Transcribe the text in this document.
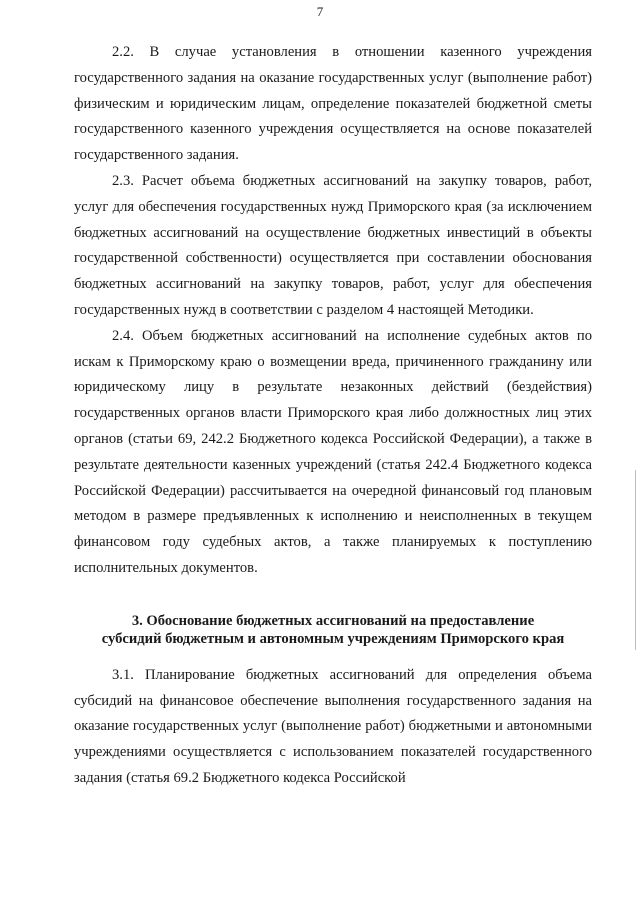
7

2.2. В случае установления в отношении казенного учреждения государственного задания на оказание государственных услуг (выполнение работ) физическим и юридическим лицам, определение показателей бюджетной сметы государственного казенного учреждения осуществляется на основе показателей государственного задания.

2.3. Расчет объема бюджетных ассигнований на закупку товаров, работ, услуг для обеспечения государственных нужд Приморского края (за исключением бюджетных ассигнований на осуществление бюджетных инвестиций в объекты государственной собственности) осуществляется при составлении обоснования бюджетных ассигнований на закупку товаров, работ, услуг для обеспечения государственных нужд в соответствии с разделом 4 настоящей Методики.

2.4. Объем бюджетных ассигнований на исполнение судебных актов по искам к Приморскому краю о возмещении вреда, причиненного гражданину или юридическому лицу в результате незаконных действий (бездействия) государственных органов власти Приморского края либо должностных лиц этих органов (статьи 69, 242.2 Бюджетного кодекса Российской Федерации), а также в результате деятельности казенных учреждений (статья 242.4 Бюджетного кодекса Российской Федерации) рассчитывается на очередной финансовый год плановым методом в размере предъявленных к исполнению и неисполненных в текущем финансовом году судебных актов, а также планируемых к поступлению исполнительных документов.

3. Обоснование бюджетных ассигнований на предоставление
субсидий бюджетным и автономным учреждениям Приморского края

3.1. Планирование бюджетных ассигнований для определения объема субсидий на финансовое обеспечение выполнения государственного задания на оказание государственных услуг (выполнение работ) бюджетными и автономными учреждениями осуществляется с использованием показателей государственного задания (статья 69.2 Бюджетного кодекса Российской
